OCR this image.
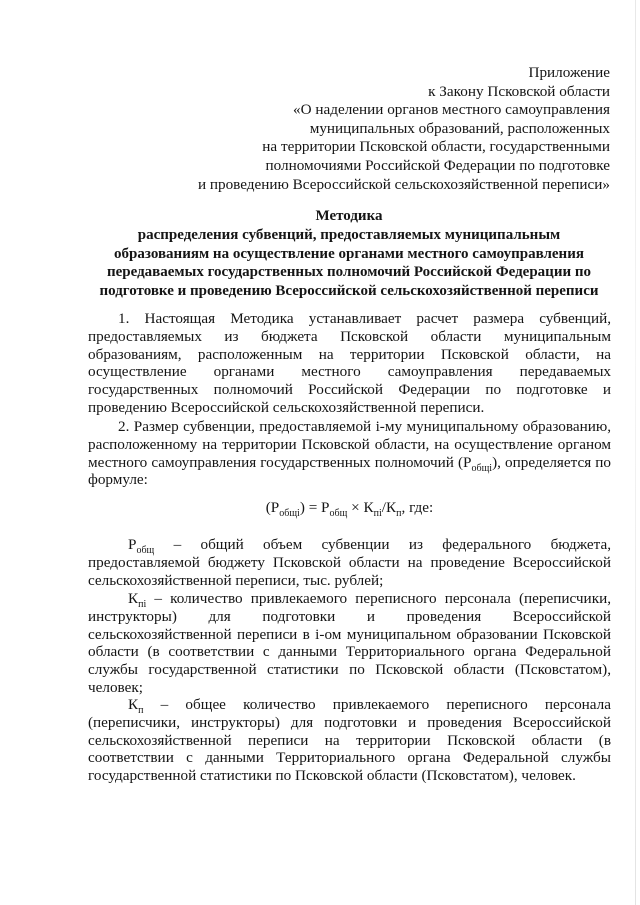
Приложение
к Закону Псковской области
«О наделении органов местного самоуправления
муниципальных образований, расположенных
на территории Псковской области, государственными
полномочиями Российской Федерации по подготовке
и проведению Всероссийской сельскохозяйственной переписи»
Методика
распределения субвенций, предоставляемых муниципальным
образованиям на осуществление органами местного самоуправления
передаваемых государственных полномочий Российской Федерации по
подготовке и проведению Всероссийской сельскохозяйственной переписи
1. Настоящая Методика устанавливает расчет размера субвенций, предоставляемых из бюджета Псковской области муниципальным образованиям, расположенным на территории Псковской области, на осуществление органами местного самоуправления передаваемых государственных полномочий Российской Федерации по подготовке и проведению Всероссийской сельскохозяйственной переписи.
2. Размер субвенции, предоставляемой i-му муниципальному образованию, расположенному на территории Псковской области, на осуществление органом местного самоуправления государственных полномочий $(Р_{общi})$, определяется по формуле:
$(Р_{общi}) = Р_{общ} \times К_{пi}/К_п$, где:
$Р_{общ}$ – общий объем субвенции из федерального бюджета, предоставляемой бюджету Псковской области на проведение Всероссийской сельскохозяйственной переписи, тыс. рублей;
$К_{пi}$ – количество привлекаемого переписного персонала (переписчики, инструкторы) для подготовки и проведения Всероссийской сельскохозяйственной переписи в i-ом муниципальном образовании Псковской области (в соответствии с данными Территориального органа Федеральной службы государственной статистики по Псковской области (Псковстатом), человек;
$К_п$ – общее количество привлекаемого переписного персонала (переписчики, инструкторы) для подготовки и проведения Всероссийской сельскохозяйственной переписи на территории Псковской области (в соответствии с данными Территориального органа Федеральной службы государственной статистики по Псковской области (Псковстатом), человек.
